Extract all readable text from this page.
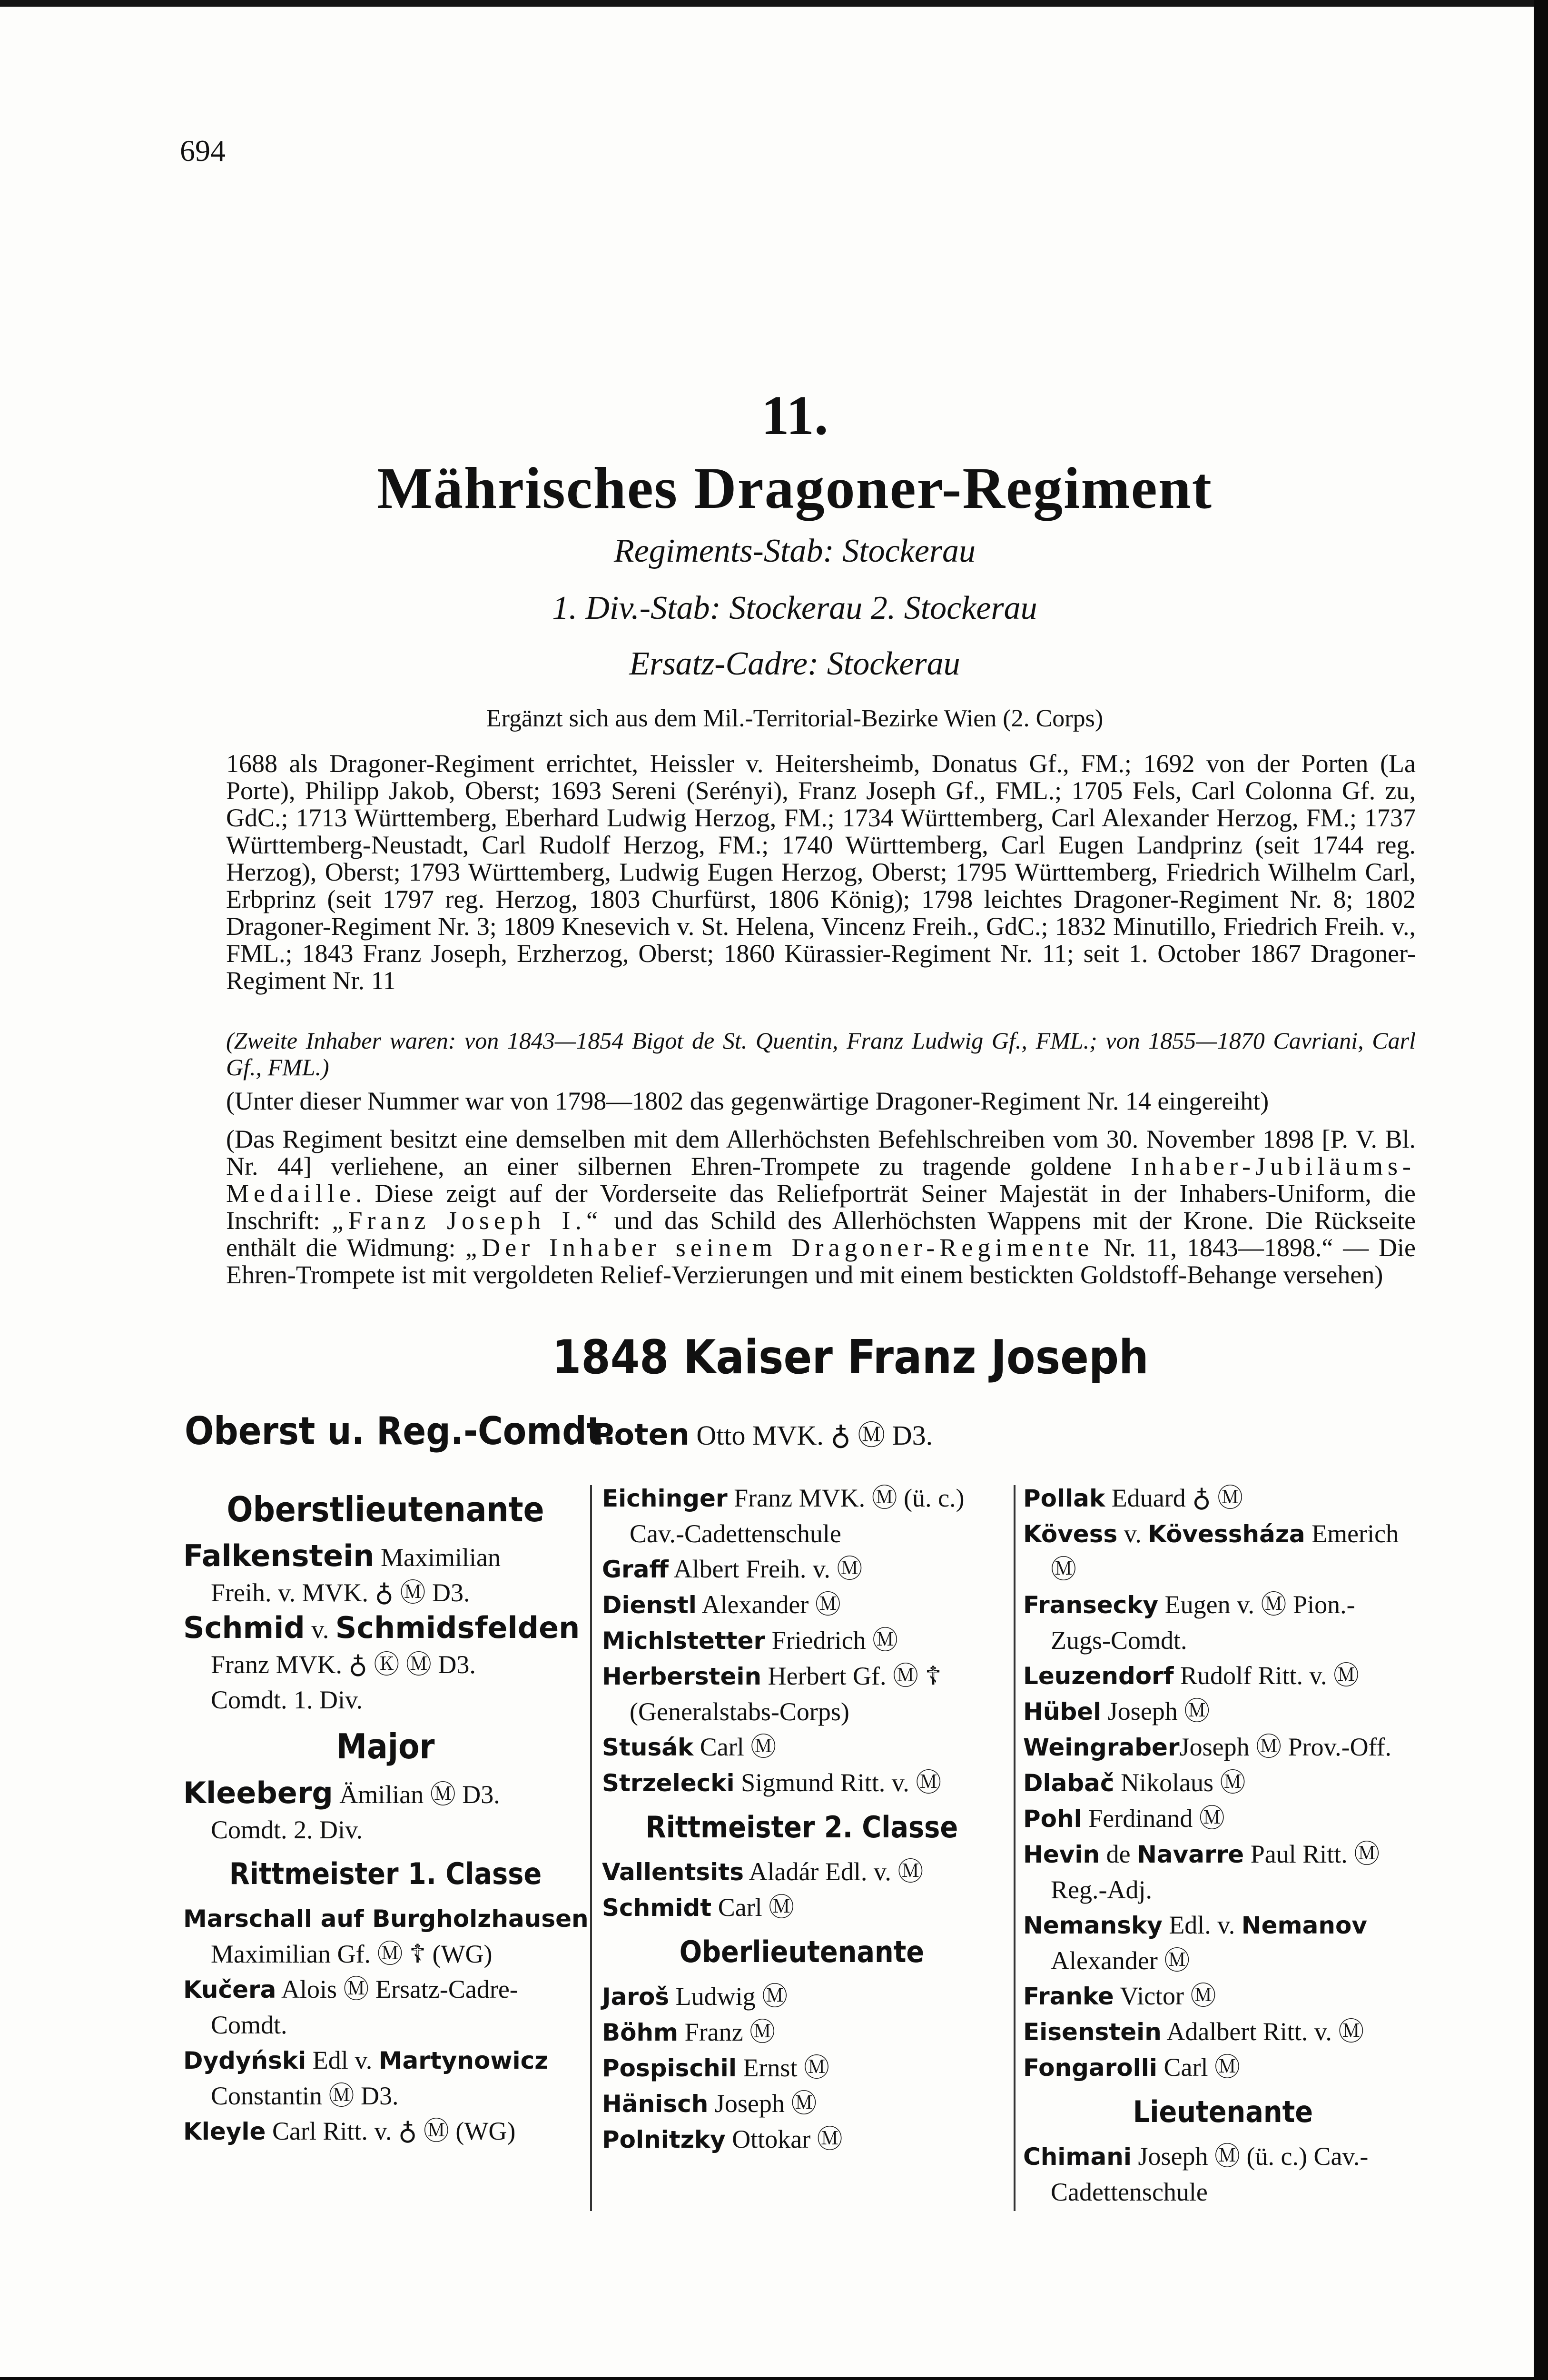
694
11.
Mährisches Dragoner-Regiment
Regiments-Stab: Stockerau
1. Div.-Stab: Stockerau 2. Stockerau
Ersatz-Cadre: Stockerau
Ergänzt sich aus dem Mil.-Territorial-Bezirke Wien (2. Corps)
1688 als Dragoner-Regiment errichtet, Heissler v. Heitersheimb, Donatus Gf., FM.; 1692 von der Porten (La Porte), Philipp Jakob, Oberst; 1693 Sereni (Serényi), Franz Joseph Gf., FML.; 1705 Fels, Carl Colonna Gf. zu, GdC.; 1713 Württemberg, Eberhard Ludwig Herzog, FM.; 1734 Württemberg, Carl Alexander Herzog, FM.; 1737 Württemberg-Neustadt, Carl Rudolf Herzog, FM.; 1740 Württemberg, Carl Eugen Landprinz (seit 1744 reg. Herzog), Oberst; 1793 Württemberg, Ludwig Eugen Herzog, Oberst; 1795 Württemberg, Friedrich Wilhelm Carl, Erbprinz (seit 1797 reg. Herzog, 1803 Churfürst, 1806 König); 1798 leichtes Dragoner-Regiment Nr. 8; 1802 Dragoner-Regiment Nr. 3; 1809 Knesevich v. St. Helena, Vincenz Freih., GdC.; 1832 Minutillo, Friedrich Freih. v., FML.; 1843 Franz Joseph, Erzherzog, Oberst; 1860 Kürassier-Regiment Nr. 11; seit 1. October 1867 Dragoner-Regiment Nr. 11
(Zweite Inhaber waren: von 1843—1854 Bigot de St. Quentin, Franz Ludwig Gf., FML.; von 1855—1870 Cavriani, Carl Gf., FML.)
(Unter dieser Nummer war von 1798—1802 das gegenwärtige Dragoner-Regiment Nr. 14 eingereiht)
(Das Regiment besitzt eine demselben mit dem Allerhöchsten Befehlschreiben vom 30. November 1898 [P. V. Bl. Nr. 44] verliehene, an einer silbernen Ehren-Trompete zu tragende goldene Inhaber-Jubiläums-Medaille. Diese zeigt auf der Vorderseite das Reliefporträt Seiner Majestät in der Inhabers-Uniform, die Inschrift: „Franz Joseph I.“ und das Schild des Allerhöchsten Wappens mit der Krone. Die Rückseite enthält die Widmung: „Der Inhaber seinem Dragoner-Regimente Nr. 11, 1843—1898.“ — Die Ehren-Trompete ist mit vergoldeten Relief-Verzierungen und mit einem bestickten Goldstoff-Behange versehen)
1848 Kaiser Franz Joseph
Oberst u. Reg.-Comdt.
Poten Otto MVK. ♁ Ⓜ D3.
Oberstlieutenante
Falkenstein Maximilian
Freih. v. MVK. ♁ Ⓜ D3.
Schmid v. Schmidsfelden
Franz MVK. ♁ Ⓚ Ⓜ D3.
Comdt. 1. Div.
Major
Kleeberg Ämilian Ⓜ D3.
Comdt. 2. Div.
Rittmeister 1. Classe
Marschall auf Burgholzhausen
Maximilian Gf. Ⓜ ☦ (WG)
Kučera Alois Ⓜ Ersatz-Cadre-
Comdt.
Dydyński Edl v. Martynowicz
Constantin Ⓜ D3.
Kleyle Carl Ritt. v. ♁ Ⓜ (WG)
Eichinger Franz MVK. Ⓜ (ü. c.)
Cav.-Cadettenschule
Graff Albert Freih. v. Ⓜ
Dienstl Alexander Ⓜ
Michlstetter Friedrich Ⓜ
Herberstein Herbert Gf. Ⓜ ☦
(Generalstabs-Corps)
Stusák Carl Ⓜ
Strzelecki Sigmund Ritt. v. Ⓜ
Rittmeister 2. Classe
Vallentsits Aladár Edl. v. Ⓜ
Schmidt Carl Ⓜ
Oberlieutenante
Jaroš Ludwig Ⓜ
Böhm Franz Ⓜ
Pospischil Ernst Ⓜ
Hänisch Joseph Ⓜ
Polnitzky Ottokar Ⓜ
Pollak Eduard ♁ Ⓜ
Kövess v. Kövessháza Emerich
Ⓜ
Fransecky Eugen v. Ⓜ Pion.-
Zugs-Comdt.
Leuzendorf Rudolf Ritt. v. Ⓜ
Hübel Joseph Ⓜ
WeingraberJoseph Ⓜ Prov.-Off.
Dlabač Nikolaus Ⓜ
Pohl Ferdinand Ⓜ
Hevin de Navarre Paul Ritt. Ⓜ
Reg.-Adj.
Nemansky Edl. v. Nemanov
Alexander Ⓜ
Franke Victor Ⓜ
Eisenstein Adalbert Ritt. v. Ⓜ
Fongarolli Carl Ⓜ
Lieutenante
Chimani Joseph Ⓜ (ü. c.) Cav.-
Cadettenschule
